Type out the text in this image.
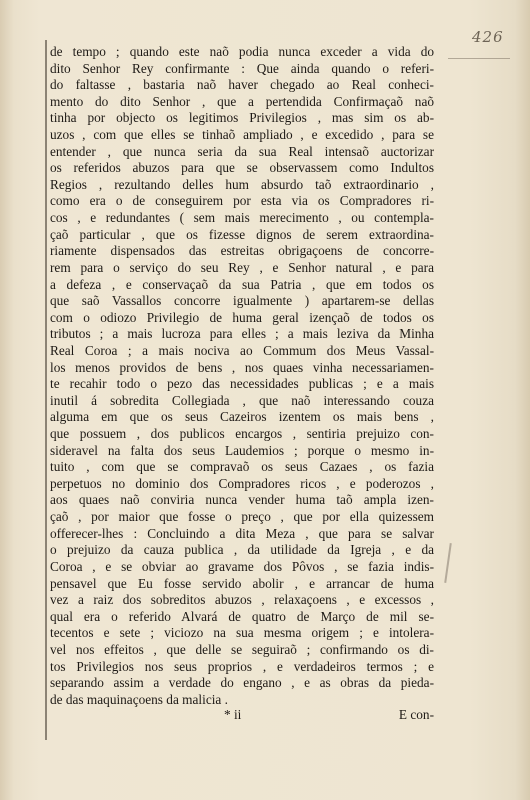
426
de tempo ; quando este naõ podia nunca exceder a vida do
dito Senhor Rey confirmante : Que ainda quando o referi-
do faltasse , bastaria naõ haver chegado ao Real conheci-
mento do dito Senhor , que a pertendida Confirmaçaõ naõ
tinha por objecto os legitimos Privilegios , mas sim os ab-
uzos , com que elles se tinhaõ ampliado , e excedido , para se
entender , que nunca seria da sua Real intensaõ auctorizar
os referidos abuzos para que se observassem como Indultos
Regios , rezultando delles hum absurdo taõ extraordinario ,
como era o de conseguirem por esta via os Compradores ri-
cos , e redundantes ( sem mais merecimento , ou contempla-
çaõ particular , que os fizesse dignos de serem extraordina-
riamente dispensados das estreitas obrigaçoens de concorre-
rem para o serviço do seu Rey , e Senhor natural , e para
a defeza , e conservaçaõ da sua Patria , que em todos os
que saõ Vassallos concorre igualmente ) apartarem-se dellas
com o odiozo Privilegio de huma geral izençaõ de todos os
tributos ; a mais lucroza para elles ; a mais leziva da Minha
Real Coroa ; a mais nociva ao Commum dos Meus Vassal-
los menos providos de bens , nos quaes vinha necessariamen-
te recahir todo o pezo das necessidades publicas ; e a mais
inutil á sobredita Collegiada , que naõ interessando couza
alguma em que os seus Cazeiros izentem os mais bens ,
que possuem , dos publicos encargos , sentiria prejuizo con-
sideravel na falta dos seus Laudemios ; porque o mesmo in-
tuito , com que se compravaõ os seus Cazaes , os fazia
perpetuos no dominio dos Compradores ricos , e poderozos ,
aos quaes naõ conviria nunca vender huma taõ ampla izen-
çaõ , por maior que fosse o preço , que por ella quizessem
offerecer-lhes : Concluindo a dita Meza , que para se salvar
o prejuizo da cauza publica , da utilidade da Igreja , e da
Coroa , e se obviar ao gravame dos Pôvos , se fazia indis-
pensavel que Eu fosse servido abolir , e arrancar de huma
vez a raiz dos sobreditos abuzos , relaxaçoens , e excessos ,
qual era o referido Alvará de quatro de Março de mil se-
tecentos e sete ; viciozo na sua mesma origem ; e intolera-
vel nos effeitos , que delle se seguiraõ ; confirmando os di-
tos Privilegios nos seus proprios , e verdadeiros termos ; e
separando assim a verdade do engano , e as obras da pieda-
de das maquinaçoens da malicia .
* ii	E con-
